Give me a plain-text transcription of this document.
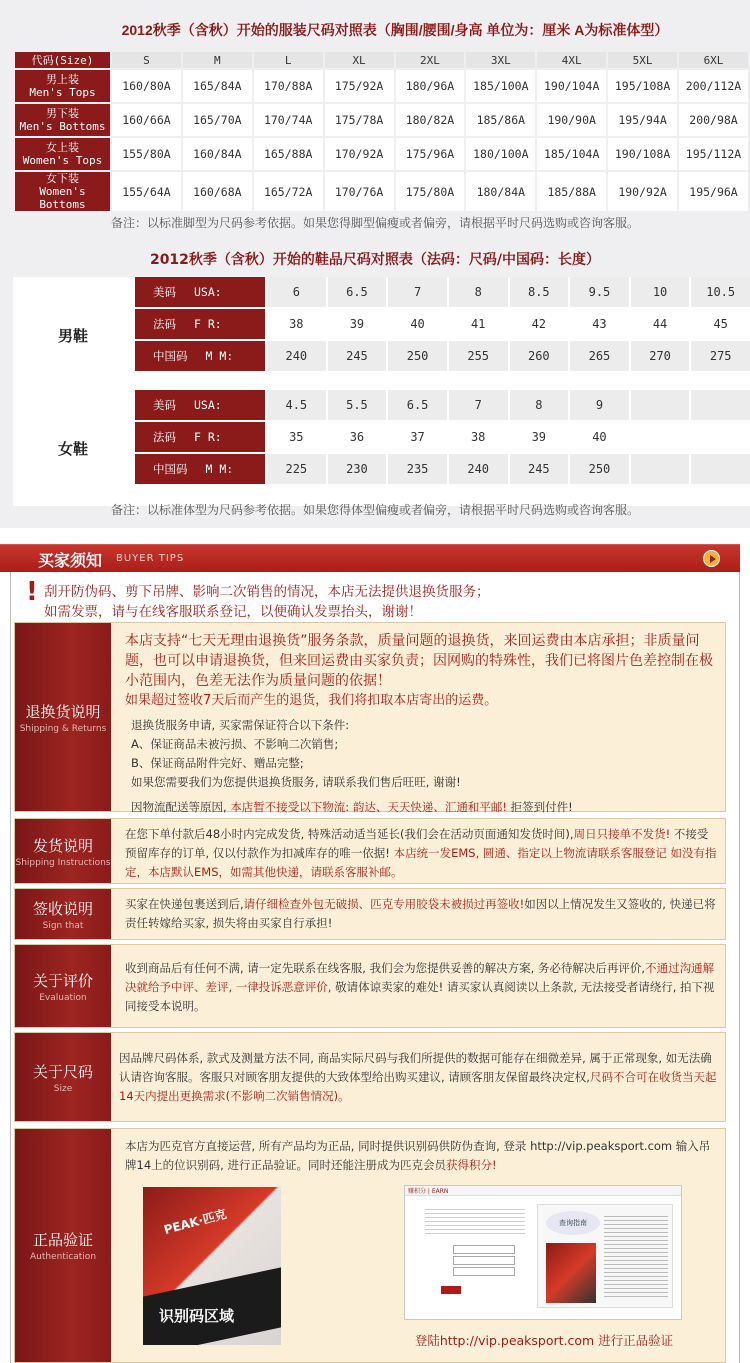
2012秋季（含秋）开始的服装尺码对照表（胸围/腰围/身高 单位为：厘米 A为标准体型）
代码(Size)	S	M	L	XL	2XL	3XL	4XL	5XL	6XL

男上装
Men's Tops	160/80A	165/84A	170/88A	175/92A	180/96A	185/100A	190/104A	195/108A	200/112A

男下装
Men's Bottoms	160/66A	165/70A	170/74A	175/78A	180/82A	185/86A	190/90A	195/94A	200/98A

女上装
Women's Tops	155/80A	160/84A	165/88A	170/92A	175/96A	180/100A	185/104A	190/108A	195/112A

女下装
Women's Bottoms	155/64A	160/68A	165/72A	170/76A	175/80A	180/84A	185/88A	190/92A	195/96A
备注：以标准脚型为尺码参考依据。如果您得脚型偏瘦或者偏旁，请根据平时尺码选购或咨询客服。
2012秋季（含秋）开始的鞋品尺码对照表（法码：尺码/中国码：长度）
男鞋
美码 USA:	6	6.5	7	8	8.5	9.5	10	10.5
法码 F R:	38	39	40	41	42	43	44	45
中国码 M M:	240	245	250	255	260	265	270	275
女鞋
美码 USA:	4.5	5.5	6.5	7	8	9		
法码 F R:	35	36	37	38	39	40		
中国码 M M:	225	230	235	240	245	250		
备注：以标准体型为尺码参考依据。如果您得体型偏瘦或者偏旁，请根据平时尺码选购或咨询客服。
买家须知 BUYER TIPS
! 刮开防伪码、剪下吊牌、影响二次销售的情况，本店无法提供退换货服务；
如需发票，请与在线客服联系登记，以便确认发票抬头，谢谢！
退换货说明
Shipping & Returns

本店支持“七天无理由退换货”服务条款，质量问题的退换货，来回运费由本店承担；非质量问题，也可以申请退换货，但来回运费由买家负责；因网购的特殊性，我们已将图片色差控制在极小范围内，色差无法作为质量问题的依据！

如果超过签收7天后而产生的退货，我们将扣取本店寄出的运费。

退换货服务申请, 买家需保证符合以下条件:

A、保证商品未被污损、不影响二次销售;

B、保证商品附件完好、赠品完整;

如果您需要我们为您提供退换货服务, 请联系我们售后旺旺, 谢谢!

因物流配送等原因, 本店暂不接受以下物流: 韵达、天天快递、汇通和平邮! 拒签到付件!

发货说明
Shipping Instructions

在您下单付款后48小时内完成发货, 特殊活动适当延长(我们会在活动页面通知发货时间),周日只接单不发货! 不接受预留库存的订单, 仅以付款作为扣减库存的唯一依据! 本店统一发EMS, 圆通、指定以上物流请联系客服登记 如没有指定，本店默认EMS，如需其他快递，请联系客服补邮。

签收说明
Sign that

买家在快递包裹送到后,请仔细检查外包无破损、匹克专用胶袋未被损过再签收!如因以上情况发生又签收的, 快递已将责任转嫁给买家, 损失将由买家自行承担!

关于评价
Evaluation

收到商品后有任何不满, 请一定先联系在线客服, 我们会为您提供妥善的解决方案, 务必待解决后再评价,不通过沟通解决就给予中评、差评, 一律投诉恶意评价, 敬请体谅卖家的难处! 请买家认真阅读以上条款, 无法接受者请绕行, 拍下视同接受本说明。

关于尺码
Size

因品牌尺码体系, 款式及测量方法不同, 商品实际尺码与我们所提供的数据可能存在细微差异, 属于正常现象, 如无法确认请咨询客服。客服只对顾客朋友提供的大致体型给出购买建议, 请顾客朋友保留最终决定权,尺码不合可在收货当天起14天内提出更换需求(不影响二次销售情况)。

正品验证
Authentication

本店为匹克官方直接运营, 所有产品均为正品, 同时提供识别码供防伪查询, 登录 http://vip.peaksport.com 输入吊牌14上的位识别码, 进行正品验证。同时还能注册成为匹克会员获得积分!

PEAK·匹克
识别码区域
赚积分 | EARN
查询指南
登陆http://vip.peaksport.com 进行正品验证
